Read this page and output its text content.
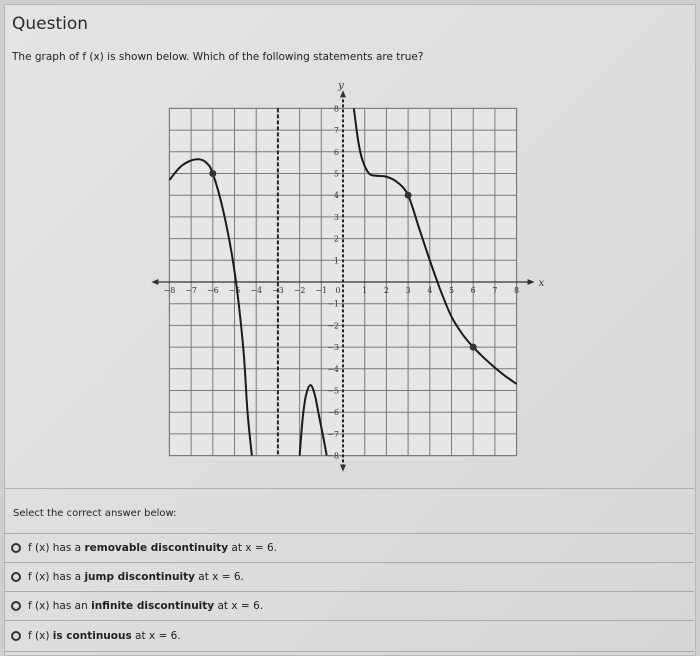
Question
The graph of f (x) is shown below. Which of the following statements are true?
−8 −7 −6 −5 −4 −3 −2 −1 0	1 2 3 4 5 6 7 8
8
7
6
5
4
3
2
1
−1
−2
−3
−4
−5
−6
−7
−8
x
y
Select the correct answer below:
f (x) has a removable discontinuity at x = 6.
f (x) has a jump discontinuity at x = 6.
f (x) has an infinite discontinuity at x = 6.
f (x) is continuous at x = 6.
